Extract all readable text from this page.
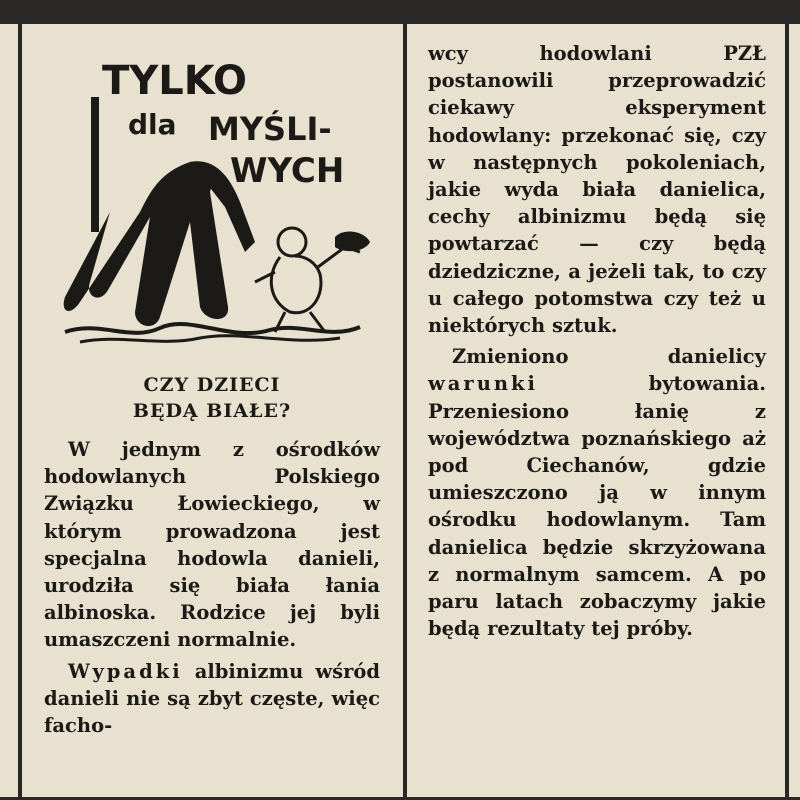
TYLKO
dla MYŚLI-
WYCH
CZY DZIECI
BĘDĄ BIAŁE?

W jednym z ośrodków hodowlanych Polskiego Związku Łowieckiego, w którym prowadzona jest specjalna hodowla danieli, urodziła się biała łania albinoska. Rodzice jej byli umaszczeni normalnie.

Wypadki albinizmu wśród danieli nie są zbyt częste, więc facho-

wcy hodowlani PZŁ postanowili przeprowadzić ciekawy eksperyment hodowlany: przekonać się, czy w następnych pokoleniach, jakie wyda biała danielica, cechy albinizmu będą się powtarzać — czy będą dziedziczne, a jeżeli tak, to czy u całego potomstwa czy też u niektórych sztuk.

Zmieniono danielicy warunki bytowania. Przeniesiono łanię z województwa poznańskiego aż pod Ciechanów, gdzie umieszczono ją w innym ośrodku hodowlanym. Tam danielica będzie skrzyżowana z normalnym samcem. A po paru latach zobaczymy jakie będą rezultaty tej próby.
